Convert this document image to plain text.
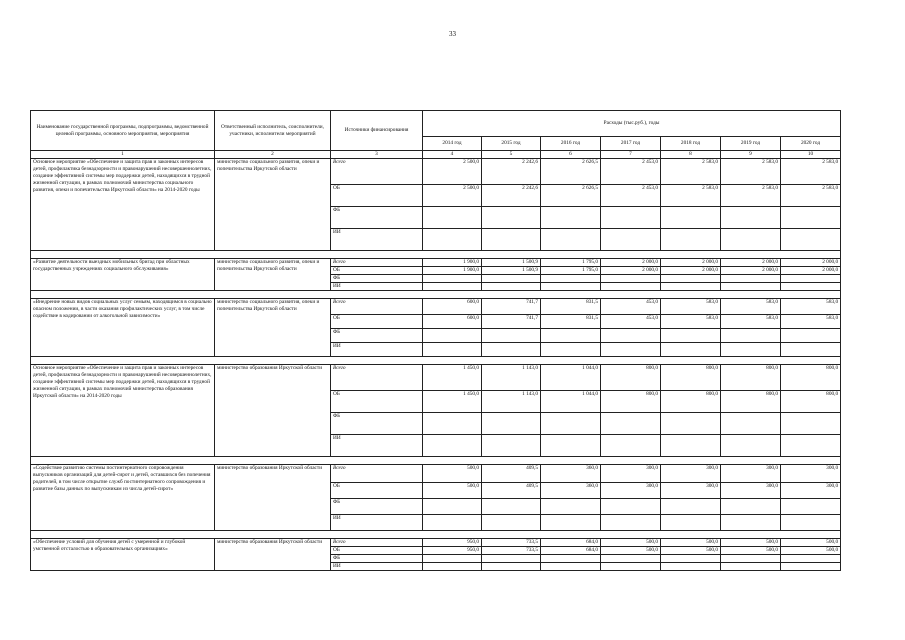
33
Наименование государственной программы, подпрограммы, ведомственной целевой программы, основного мероприятия, мероприятия	Ответственный исполнитель, соисполнители, участники, исполнители мероприятий	Источники финансирования	Расходы (тыс.руб.), годы						
			2014 год	2015 год	2016 год	2017 год	2018 год	2019 год	2020 год
1	2	3	4	5	6	7	8	9	10
Основное мероприятие «Обеспечение и защита прав и законных интересов детей, профилактика безнадзорности и правонарушений несовершеннолетних, создание эффективной системы мер поддержки детей, находящихся в трудной жизненной ситуации, в рамках полномочий министерства социального развития, опеки и попечительства Иркутской области» на 2014-2020 годы	министерство социального развития, опеки и попечительства Иркутской области	Всего	2 500,0	2 242,6	2 626,5	2 453,0	2 583,0	2 583,0	2 583,0
		ОБ	2 500,0	2 242,6	2 626,5	2 453,0	2 583,0	2 583,0	2 583,0
		ФБ							
		ИИ							

«Развитие деятельности выездных мобильных бригад при областных государственных учреждениях социального обслуживания»	министерство социального развития, опеки и попечительства Иркутской области	Всего	1 900,0	1 500,9	1 795,0	2 000,0	2 000,0	2 000,0	2 000,0
		ОБ	1 900,0	1 500,9	1 795,0	2 000,0	2 000,0	2 000,0	2 000,0
		ФБ							
		ИИ							

«Внедрение новых видов социальных услуг семьям, находящимся в социально опасном положении, в части оказания профилактических услуг, в том числе содействие в кодировании от алкогольной зависимости»	министерство социального развития, опеки и попечительства Иркутской области	Всего	600,0	741,7	831,5	453,0	583,0	583,0	583,0
		ОБ	600,0	741,7	831,5	453,0	583,0	583,0	583,0
		ФБ							
		ИИ							

Основное мероприятие «Обеспечение и защита прав и законных интересов детей, профилактика безнадзорности и правонарушений несовершеннолетних, создание эффективной системы мер поддержки детей, находящихся в трудной жизненной ситуации, в рамках полномочий министерства образования Иркутской области» на 2014-2020 годы	министерство образования Иркутской области	Всего	1 450,0	1 143,0	1 044,0	800,0	800,0	800,0	800,0
		ОБ	1 450,0	1 143,0	1 044,0	800,0	800,0	800,0	800,0
		ФБ							
		ИИ							

«Содействие развитию системы постинтернатного сопровождения выпускников организаций для детей-сирот и детей, оставшихся без попечения родителей, в том числе открытие служб постинтернатного сопровождения и развитие базы данных по выпускникам из числа детей-сирот»	министерство образования Иркутской области	Всего	500,0	409,5	360,0	300,0	300,0	300,0	300,0
		ОБ	500,0	409,5	360,0	300,0	300,0	300,0	300,0
		ФБ							
		ИИ							

«Обеспечение условий для обучения детей с умеренной и глубокой умственной отсталостью в образовательных организациях»	министерство образования Иркутской области	Всего	950,0	733,5	684,0	500,0	500,0	500,0	500,0
		ОБ	950,0	733,5	684,0	500,0	500,0	500,0	500,0
		ФБ							
		ИИ							
